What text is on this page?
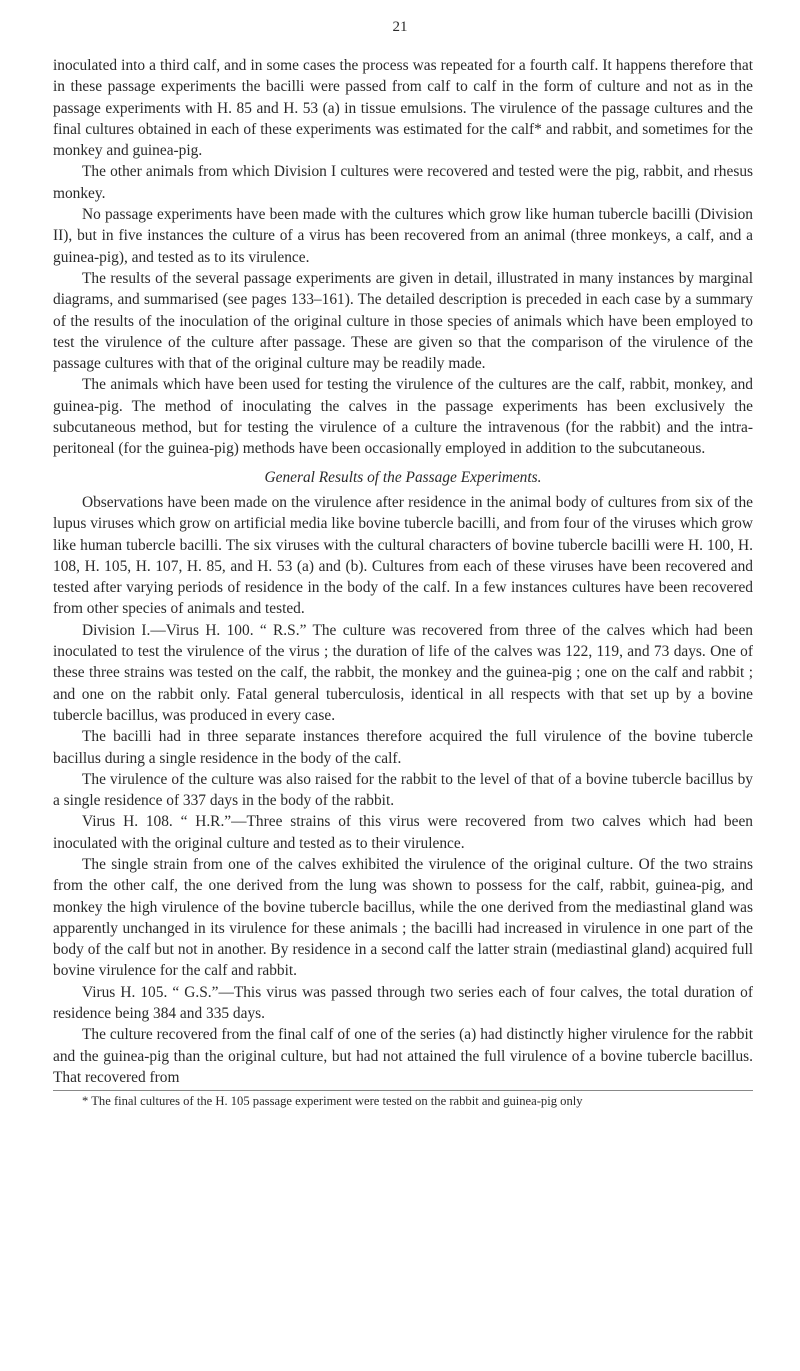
21

inoculated into a third calf, and in some cases the process was repeated for a fourth calf. It happens therefore that in these passage experiments the bacilli were passed from calf to calf in the form of culture and not as in the passage experiments with H. 85 and H. 53 (a) in tissue emulsions. The virulence of the passage cultures and the final cultures obtained in each of these experiments was estimated for the calf* and rabbit, and sometimes for the monkey and guinea-pig.

The other animals from which Division I cultures were recovered and tested were the pig, rabbit, and rhesus monkey.

No passage experiments have been made with the cultures which grow like human tubercle bacilli (Division II), but in five instances the culture of a virus has been recovered from an animal (three monkeys, a calf, and a guinea-pig), and tested as to its virulence.

The results of the several passage experiments are given in detail, illustrated in many instances by marginal diagrams, and summarised (see pages 133–161). The detailed description is preceded in each case by a summary of the results of the inoculation of the original culture in those species of animals which have been employed to test the virulence of the culture after passage. These are given so that the comparison of the virulence of the passage cultures with that of the original culture may be readily made.

The animals which have been used for testing the virulence of the cultures are the calf, rabbit, monkey, and guinea-pig. The method of inoculating the calves in the passage experiments has been exclusively the subcutaneous method, but for testing the virulence of a culture the intravenous (for the rabbit) and the intra-peritoneal (for the guinea-pig) methods have been occasionally employed in addition to the subcutaneous.

General Results of the Passage Experiments.

Observations have been made on the virulence after residence in the animal body of cultures from six of the lupus viruses which grow on artificial media like bovine tubercle bacilli, and from four of the viruses which grow like human tubercle bacilli. The six viruses with the cultural characters of bovine tubercle bacilli were H. 100, H. 108, H. 105, H. 107, H. 85, and H. 53 (a) and (b). Cultures from each of these viruses have been recovered and tested after varying periods of residence in the body of the calf. In a few instances cultures have been recovered from other species of animals and tested.

Division I.—Virus H. 100. “ R.S.” The culture was recovered from three of the calves which had been inoculated to test the virulence of the virus ; the duration of life of the calves was 122, 119, and 73 days. One of these three strains was tested on the calf, the rabbit, the monkey and the guinea-pig ; one on the calf and rabbit ; and one on the rabbit only. Fatal general tuberculosis, identical in all respects with that set up by a bovine tubercle bacillus, was produced in every case.

The bacilli had in three separate instances therefore acquired the full virulence of the bovine tubercle bacillus during a single residence in the body of the calf.

The virulence of the culture was also raised for the rabbit to the level of that of a bovine tubercle bacillus by a single residence of 337 days in the body of the rabbit.

Virus H. 108. “ H.R.”—Three strains of this virus were recovered from two calves which had been inoculated with the original culture and tested as to their virulence.

The single strain from one of the calves exhibited the virulence of the original culture. Of the two strains from the other calf, the one derived from the lung was shown to possess for the calf, rabbit, guinea-pig, and monkey the high virulence of the bovine tubercle bacillus, while the one derived from the mediastinal gland was apparently unchanged in its virulence for these animals ; the bacilli had increased in virulence in one part of the body of the calf but not in another. By residence in a second calf the latter strain (mediastinal gland) acquired full bovine virulence for the calf and rabbit.

Virus H. 105. “ G.S.”—This virus was passed through two series each of four calves, the total duration of residence being 384 and 335 days.

The culture recovered from the final calf of one of the series (a) had distinctly higher virulence for the rabbit and the guinea-pig than the original culture, but had not attained the full virulence of a bovine tubercle bacillus. That recovered from

* The final cultures of the H. 105 passage experiment were tested on the rabbit and guinea-pig only
